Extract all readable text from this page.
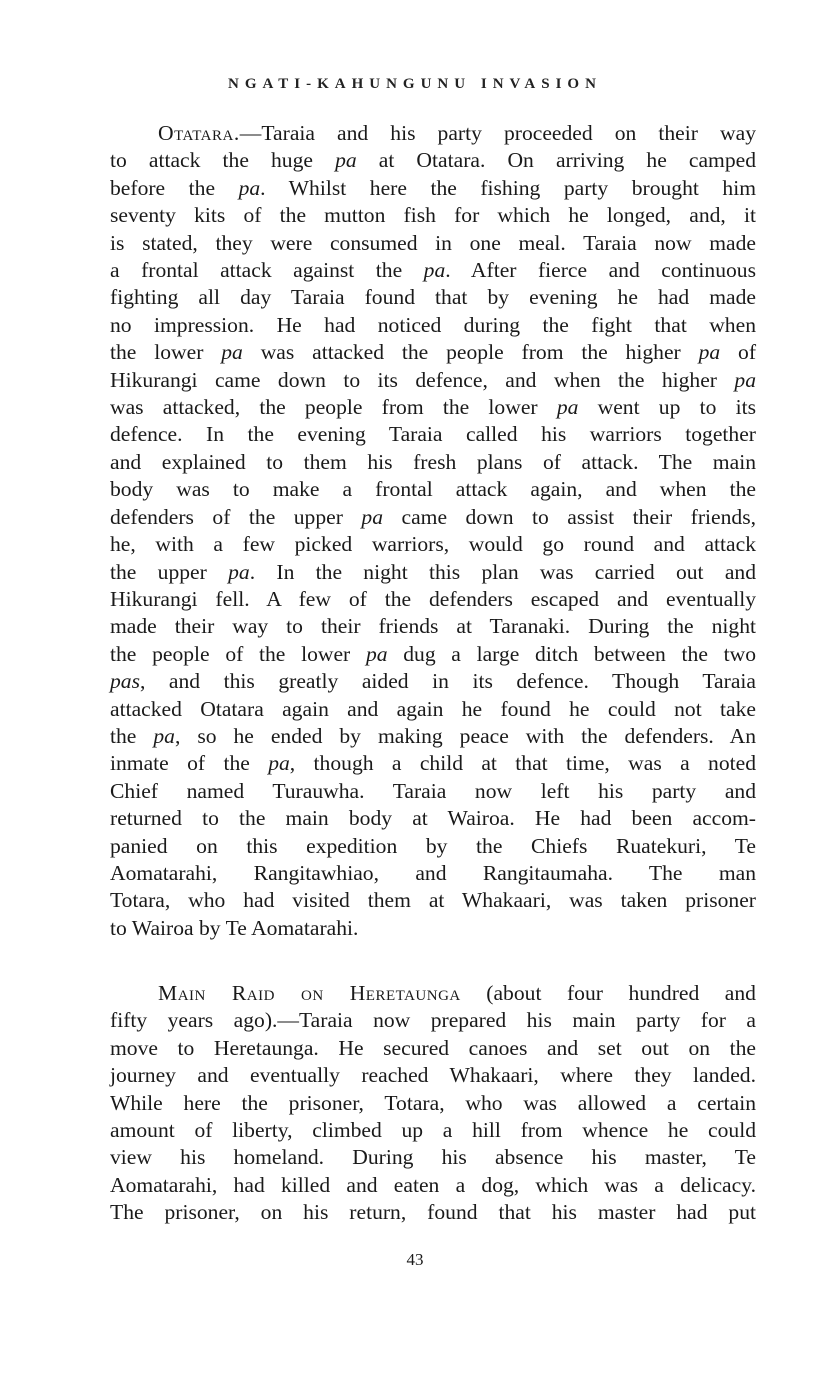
NGATI-KAHUNGUNU INVASION
Otatara.—Taraia and his party proceeded on their way
to attack the huge pa at Otatara. On arriving he camped
before the pa. Whilst here the fishing party brought him
seventy kits of the mutton fish for which he longed, and, it
is stated, they were consumed in one meal. Taraia now made
a frontal attack against the pa. After fierce and continuous
fighting all day Taraia found that by evening he had made
no impression. He had noticed during the fight that when
the lower pa was attacked the people from the higher pa of
Hikurangi came down to its defence, and when the higher pa
was attacked, the people from the lower pa went up to its
defence. In the evening Taraia called his warriors together
and explained to them his fresh plans of attack. The main
body was to make a frontal attack again, and when the
defenders of the upper pa came down to assist their friends,
he, with a few picked warriors, would go round and attack
the upper pa. In the night this plan was carried out and
Hikurangi fell. A few of the defenders escaped and eventually
made their way to their friends at Taranaki. During the night
the people of the lower pa dug a large ditch between the two
pas, and this greatly aided in its defence. Though Taraia
attacked Otatara again and again he found he could not take
the pa, so he ended by making peace with the defenders. An
inmate of the pa, though a child at that time, was a noted
Chief named Turauwha. Taraia now left his party and
returned to the main body at Wairoa. He had been accom-
panied on this expedition by the Chiefs Ruatekuri, Te
Aomatarahi, Rangitawhiao, and Rangitaumaha. The man
Totara, who had visited them at Whakaari, was taken prisoner
to Wairoa by Te Aomatarahi.
Main Raid on Heretaunga (about four hundred and
fifty years ago).—Taraia now prepared his main party for a
move to Heretaunga. He secured canoes and set out on the
journey and eventually reached Whakaari, where they landed.
While here the prisoner, Totara, who was allowed a certain
amount of liberty, climbed up a hill from whence he could
view his homeland. During his absence his master, Te
Aomatarahi, had killed and eaten a dog, which was a delicacy.
The prisoner, on his return, found that his master had put
43
